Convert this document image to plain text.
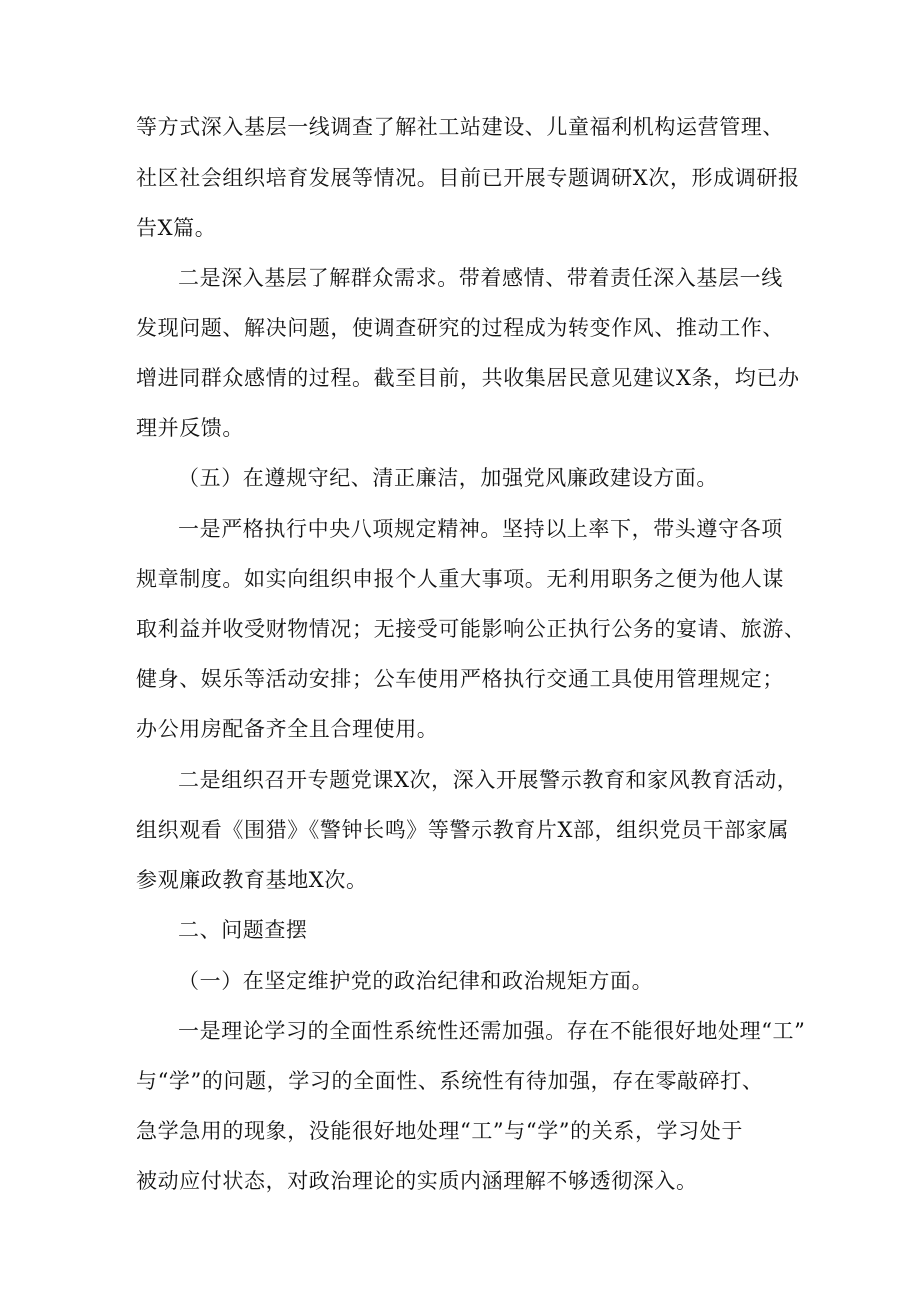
等方式深入基层一线调查了解社工站建设、儿童福利机构运营管理、

社区社会组织培育发展等情况。目前已开展专题调研X次，形成调研报

告X篇。

二是深入基层了解群众需求。带着感情、带着责任深入基层一线

发现问题、解决问题，使调查研究的过程成为转变作风、推动工作、

增进同群众感情的过程。截至目前，共收集居民意见建议X条，均已办

理并反馈。

（五）在遵规守纪、清正廉洁，加强党风廉政建设方面。

一是严格执行中央八项规定精神。坚持以上率下，带头遵守各项

规章制度。如实向组织申报个人重大事项。无利用职务之便为他人谋

取利益并收受财物情况；无接受可能影响公正执行公务的宴请、旅游、

健身、娱乐等活动安排；公车使用严格执行交通工具使用管理规定；

办公用房配备齐全且合理使用。

二是组织召开专题党课X次，深入开展警示教育和家风教育活动，

组织观看《围猎》《警钟长鸣》等警示教育片X部，组织党员干部家属

参观廉政教育基地X次。

二、问题查摆

（一）在坚定维护党的政治纪律和政治规矩方面。

一是理论学习的全面性系统性还需加强。存在不能很好地处理“工”

与“学”的问题，学习的全面性、系统性有待加强，存在零敲碎打、

急学急用的现象，没能很好地处理“工”与“学”的关系，学习处于

被动应付状态，对政治理论的实质内涵理解不够透彻深入。
